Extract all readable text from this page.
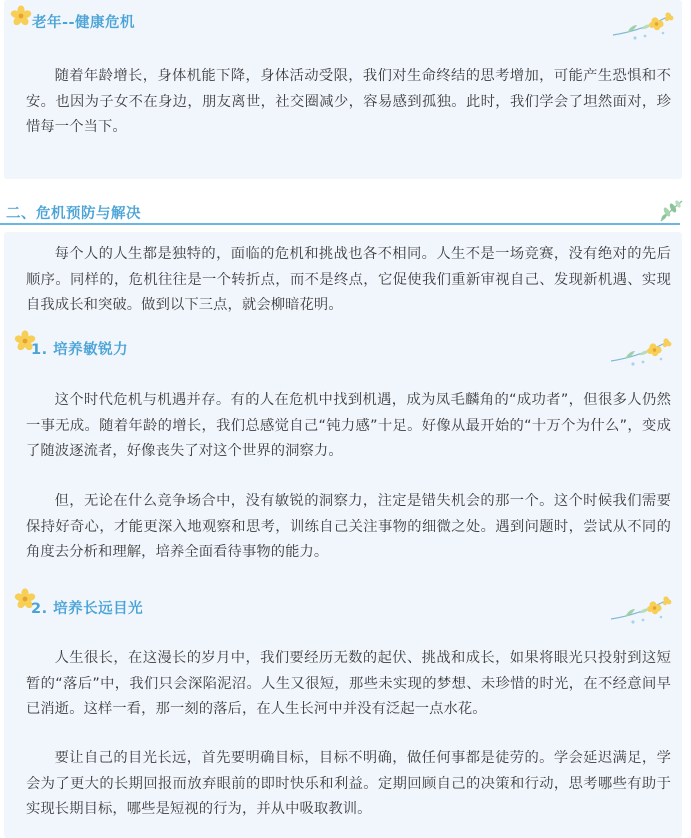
老年--健康危机

随着年龄增长，身体机能下降，身体活动受限，我们对生命终结的思考增加，可能产生恐惧和不安。也因为子女不在身边，朋友离世，社交圈减少，容易感到孤独。此时，我们学会了坦然面对，珍惜每一个当下。

二、危机预防与解决

每个人的人生都是独特的，面临的危机和挑战也各不相同。人生不是一场竞赛，没有绝对的先后顺序。同样的，危机往往是一个转折点，而不是终点，它促使我们重新审视自己、发现新机遇、实现自我成长和突破。做到以下三点，就会柳暗花明。

1. 培养敏锐力

这个时代危机与机遇并存。有的人在危机中找到机遇，成为凤毛麟角的“成功者”，但很多人仍然一事无成。随着年龄的增长，我们总感觉自己“钝力感”十足。好像从最开始的“十万个为什么”，变成了随波逐流者，好像丧失了对这个世界的洞察力。

但，无论在什么竞争场合中，没有敏锐的洞察力，注定是错失机会的那一个。这个时候我们需要保持好奇心，才能更深入地观察和思考，训练自己关注事物的细微之处。遇到问题时，尝试从不同的角度去分析和理解，培养全面看待事物的能力。

2. 培养长远目光

人生很长，在这漫长的岁月中，我们要经历无数的起伏、挑战和成长，如果将眼光只投射到这短暂的“落后”中，我们只会深陷泥沼。人生又很短，那些未实现的梦想、未珍惜的时光，在不经意间早已消逝。这样一看，那一刻的落后，在人生长河中并没有泛起一点水花。

要让自己的目光长远，首先要明确目标，目标不明确，做任何事都是徒劳的。学会延迟满足，学会为了更大的长期回报而放弃眼前的即时快乐和利益。定期回顾自己的决策和行动，思考哪些有助于实现长期目标，哪些是短视的行为，并从中吸取教训。
